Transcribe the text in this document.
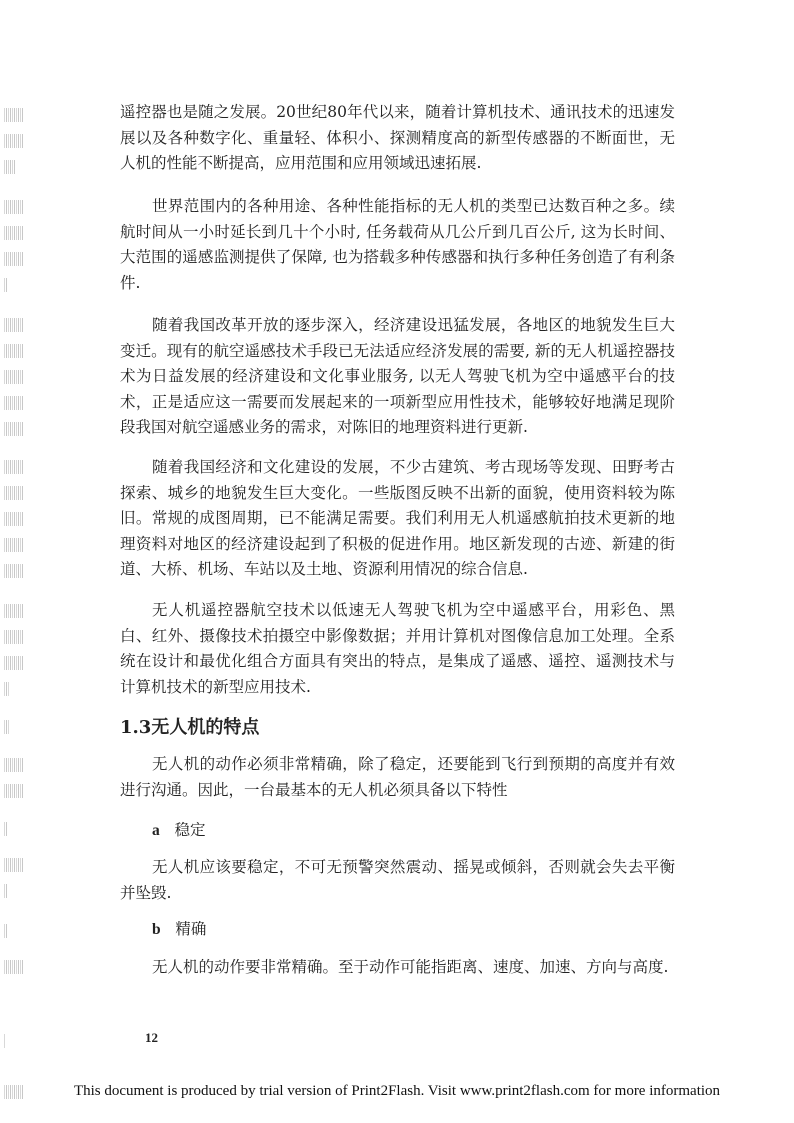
遥控器也是随之发展。20世纪80年代以来，随着计算机技术、通讯技术的迅速发展以及各种数字化、重量轻、体积小、探测精度高的新型传感器的不断面世，无人机的性能不断提高，应用范围和应用领域迅速拓展.

世界范围内的各种用途、各种性能指标的无人机的类型已达数百种之多。续航时间从一小时延长到几十个小时, 任务载荷从几公斤到几百公斤, 这为长时间、大范围的遥感监测提供了保障, 也为搭载多种传感器和执行多种任务创造了有利条件.

随着我国改革开放的逐步深入，经济建设迅猛发展，各地区的地貌发生巨大变迁。现有的航空遥感技术手段已无法适应经济发展的需要, 新的无人机遥控器技术为日益发展的经济建设和文化事业服务, 以无人驾驶飞机为空中遥感平台的技术，正是适应这一需要而发展起来的一项新型应用性技术，能够较好地满足现阶段我国对航空遥感业务的需求，对陈旧的地理资料进行更新.

随着我国经济和文化建设的发展，不少古建筑、考古现场等发现、田野考古探索、城乡的地貌发生巨大变化。一些版图反映不出新的面貌，使用资料较为陈旧。常规的成图周期，已不能满足需要。我们利用无人机遥感航拍技术更新的地理资料对地区的经济建设起到了积极的促进作用。地区新发现的古迹、新建的街道、大桥、机场、车站以及土地、资源利用情况的综合信息.

无人机遥控器航空技术以低速无人驾驶飞机为空中遥感平台，用彩色、黑白、红外、摄像技术拍摄空中影像数据；并用计算机对图像信息加工处理。全系统在设计和最优化组合方面具有突出的特点，是集成了遥感、遥控、遥测技术与计算机技术的新型应用技术.

1.3无人机的特点

无人机的动作必须非常精确，除了稳定，还要能到飞行到预期的高度并有效进行沟通。因此，一台最基本的无人机必须具备以下特性

a 稳定

无人机应该要稳定，不可无预警突然震动、摇晃或倾斜，否则就会失去平衡并坠毁.

b 精确

无人机的动作要非常精确。至于动作可能指距离、速度、加速、方向与高度.

12
This document is produced by trial version of Print2Flash. Visit www.print2flash.com for more information
